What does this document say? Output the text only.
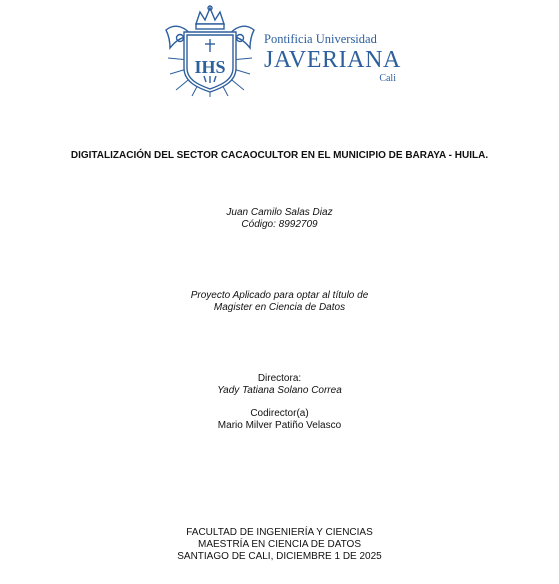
IHS
Pontificia Universidad
JAVERIANA
Cali
DIGITALIZACIÓN DEL SECTOR CACAOCULTOR EN EL MUNICIPIO DE BARAYA - HUILA.
Juan Camilo Salas Diaz
Código: 8992709
Proyecto Aplicado para optar al título de
Magister en Ciencia de Datos
Directora:
Yady Tatiana Solano Correa
Codirector(a)
Mario Milver Patiño Velasco
FACULTAD DE INGENIERÍA Y CIENCIAS
MAESTRÍA EN CIENCIA DE DATOS
SANTIAGO DE CALI, DICIEMBRE 1 DE 2025
